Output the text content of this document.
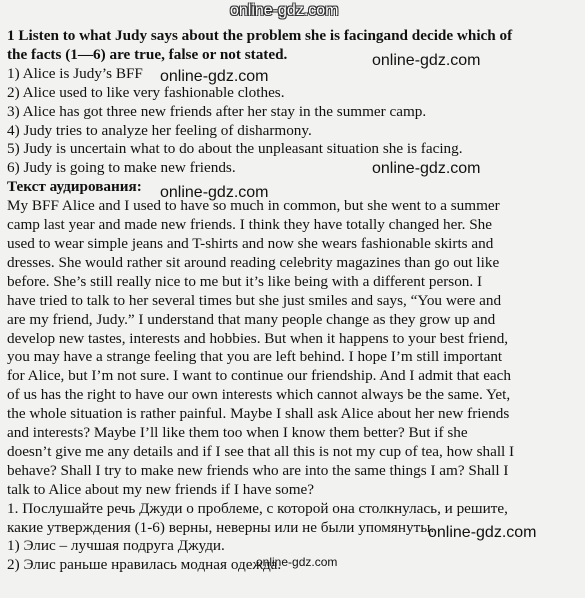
1 Listen to what Judy says about the problem she is facingand decide which of

the facts (1—6) are true, false or not stated.

1) Alice is Judy’s BFF

2) Alice used to like very fashionable clothes.

3) Alice has got three new friends after her stay in the summer camp.

4) Judy tries to analyze her feeling of disharmony.

5) Judy is uncertain what to do about the unpleasant situation she is facing.

6) Judy is going to make new friends.

Текст аудирования:

My BFF Alice and I used to have so much in common, but she went to a summer

camp last year and made new friends. I think they have totally changed her. She

used to wear simple jeans and T-shirts and now she wears fashionable skirts and

dresses. She would rather sit around reading celebrity magazines than go out like

before. She’s still really nice to me but it’s like being with a different person. I

have tried to talk to her several times but she just smiles and says, “You were and

are my friend, Judy.” I understand that many people change as they grow up and

develop new tastes, interests and hobbies. But when it happens to your best friend,

you may have a strange feeling that you are left behind. I hope I’m still important

for Alice, but I’m not sure. I want to continue our friendship. And I admit that each

of us has the right to have our own interests which cannot always be the same. Yet,

the whole situation is rather painful. Maybe I shall ask Alice about her new friends

and interests? Maybe I’ll like them too when I know them better? But if she

doesn’t give me any details and if I see that all this is not my cup of tea, how shall I

behave? Shall I try to make new friends who are into the same things I am? Shall I

talk to Alice about my new friends if I have some?

1. Послушайте речь Джуди о проблеме, с которой она столкнулась, и решите,

какие утверждения (1-6) верны, неверны или не были упомянуты.

1) Элис – лучшая подруга Джуди.

2) Элис раньше нравилась модная одежда.

online-gdz.com
online-gdz.com
online-gdz.com
online-gdz.com
online-gdz.com
online-gdz.com
online-gdz.com
